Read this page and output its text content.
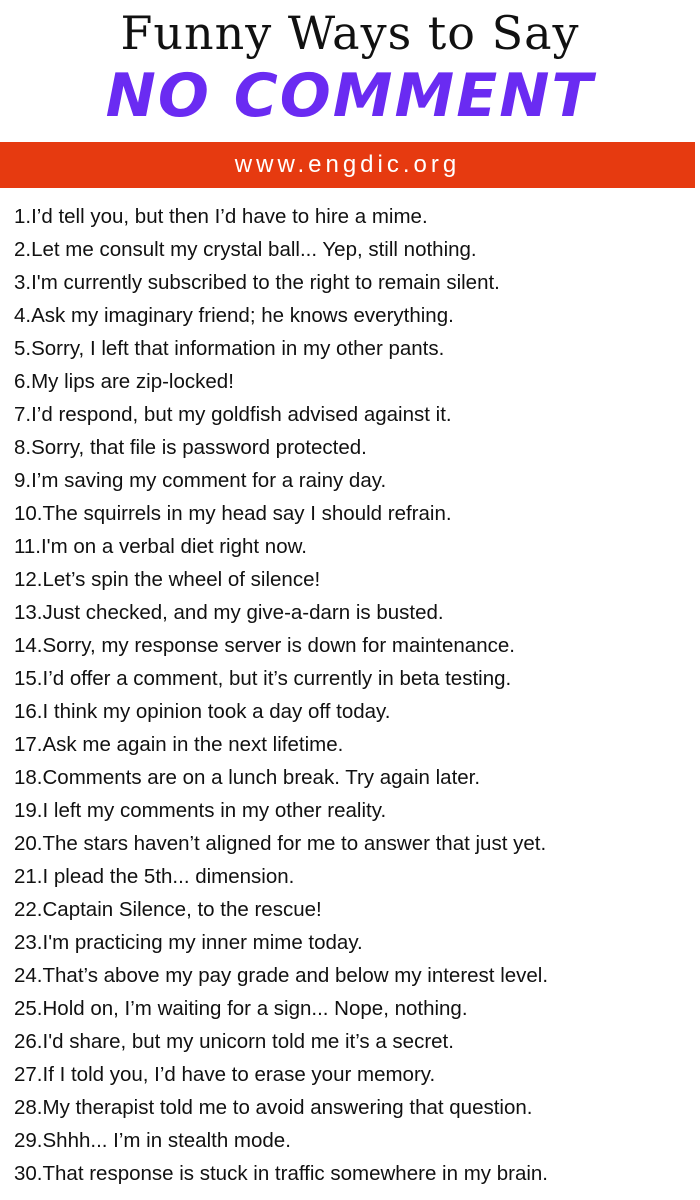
Funny Ways to Say
NO COMMENT
www.engdic.org
1.I’d tell you, but then I’d have to hire a mime.
2.Let me consult my crystal ball... Yep, still nothing.
3.I'm currently subscribed to the right to remain silent.
4.Ask my imaginary friend; he knows everything.
5.Sorry, I left that information in my other pants.
6.My lips are zip-locked!
7.I’d respond, but my goldfish advised against it.
8.Sorry, that file is password protected.
9.I’m saving my comment for a rainy day.
10.The squirrels in my head say I should refrain.
11.I'm on a verbal diet right now.
12.Let’s spin the wheel of silence!
13.Just checked, and my give-a-darn is busted.
14.Sorry, my response server is down for maintenance.
15.I’d offer a comment, but it’s currently in beta testing.
16.I think my opinion took a day off today.
17.Ask me again in the next lifetime.
18.Comments are on a lunch break. Try again later.
19.I left my comments in my other reality.
20.The stars haven’t aligned for me to answer that just yet.
21.I plead the 5th... dimension.
22.Captain Silence, to the rescue!
23.I'm practicing my inner mime today.
24.That’s above my pay grade and below my interest level.
25.Hold on, I’m waiting for a sign... Nope, nothing.
26.I'd share, but my unicorn told me it’s a secret.
27.If I told you, I’d have to erase your memory.
28.My therapist told me to avoid answering that question.
29.Shhh... I’m in stealth mode.
30.That response is stuck in traffic somewhere in my brain.
